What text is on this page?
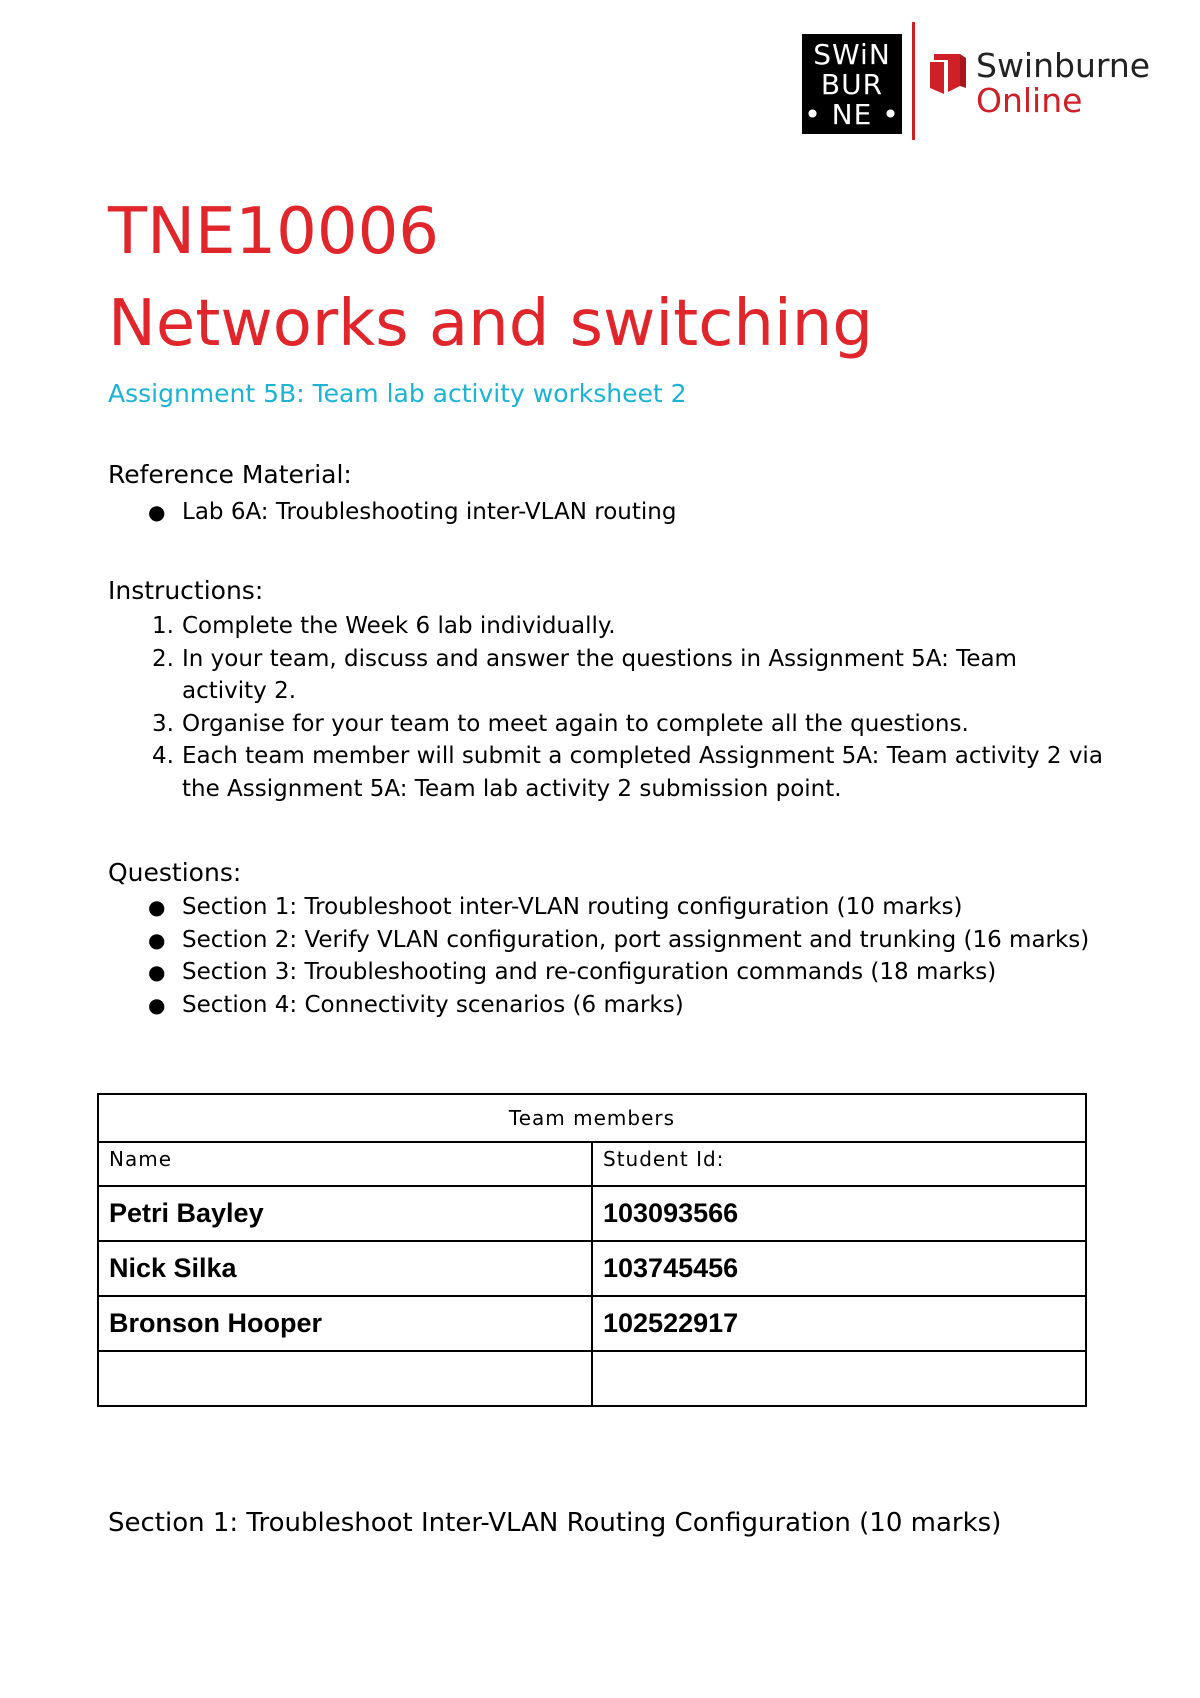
SWiN
BUR
• NE •
Swinburne
Online
TNE10006
Networks and switching
Assignment 5B: Team lab activity worksheet 2
Reference Material:
● Lab 6A: Troubleshooting inter-VLAN routing
Instructions:
1. Complete the Week 6 lab individually.
2. In your team, discuss and answer the questions in Assignment 5A: Team activity 2.
3. Organise for your team to meet again to complete all the questions.
4. Each team member will submit a completed Assignment 5A: Team activity 2 via the Assignment 5A: Team lab activity 2 submission point.
Questions:
● Section 1: Troubleshoot inter-VLAN routing configuration (10 marks)
● Section 2: Verify VLAN configuration, port assignment and trunking (16 marks)
● Section 3: Troubleshooting and re-configuration commands (18 marks)
● Section 4: Connectivity scenarios (6 marks)
Team members	
Name	Student Id:
Petri Bayley	103093566
Nick Silka	103745456
Bronson Hooper	102522917

Section 1: Troubleshoot Inter-VLAN Routing Configuration (10 marks)
